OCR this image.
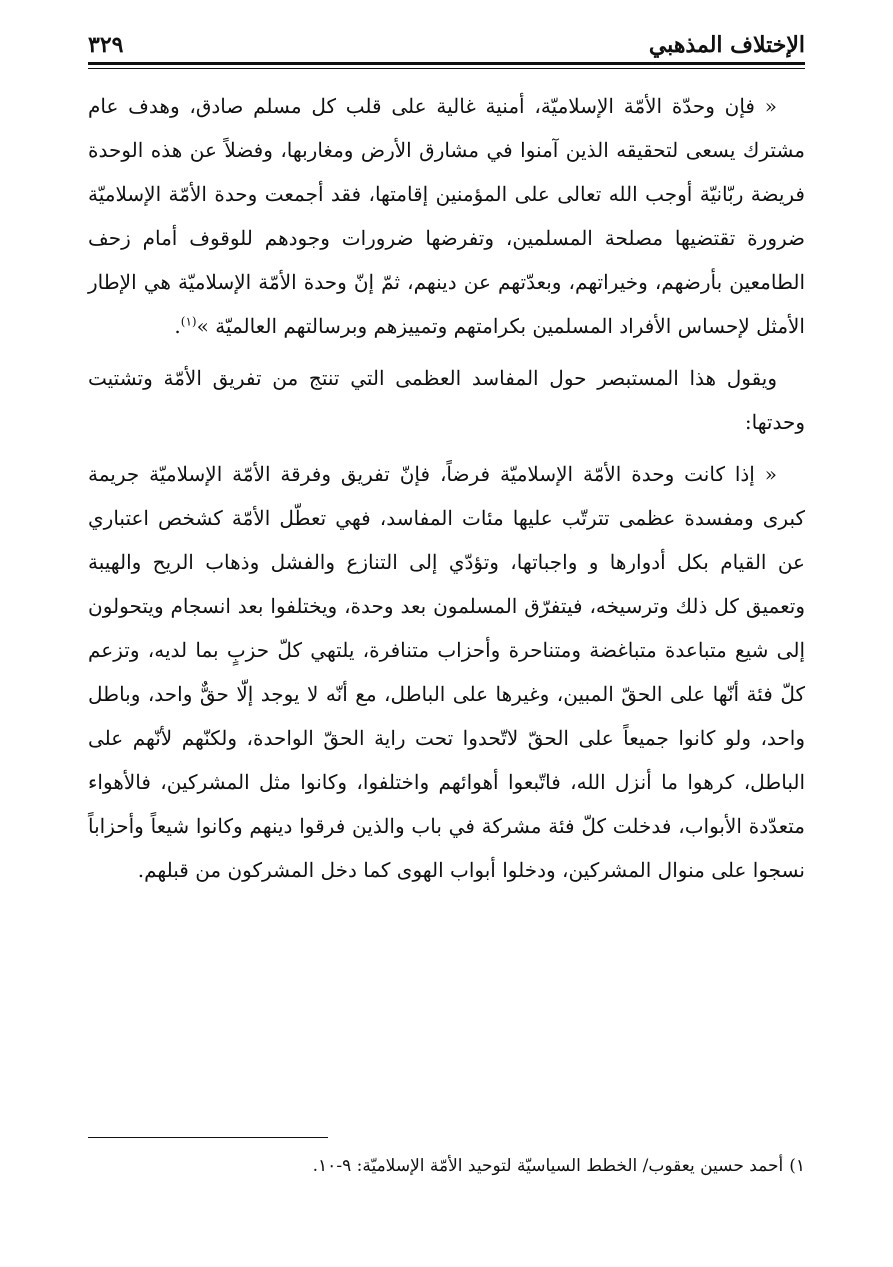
الإختلاف المذهبي
٣٢٩

« فإن وحدّة الأمّة الإسلاميّة، أمنية غالية على قلب كل مسلم صادق، وهدف عام مشترك يسعى لتحقيقه الذين آمنوا في مشارق الأرض ومغاربها، وفضلاً عن هذه الوحدة فريضة ربّانيّة أوجب الله تعالى على المؤمنين إقامتها، فقد أجمعت وحدة الأمّة الإسلاميّة ضرورة تقتضيها مصلحة المسلمين، وتفرضها ضرورات وجودهم للوقوف أمام زحف الطامعين بأرضهم، وخيراتهم، وبعدّتهم عن دينهم، ثمّ إنّ وحدة الأمّة الإسلاميّة هي الإطار الأمثل لإحساس الأفراد المسلمين بكرامتهم وتمييزهم وبرسالتهم العالميّة »$^{(١)}$.

ويقول هذا المستبصر حول المفاسد العظمى التي تنتج من تفريق الأمّة وتشتيت وحدتها:

« إذا كانت وحدة الأمّة الإسلاميّة فرضاً، فإنّ تفريق وفرقة الأمّة الإسلاميّة جريمة كبرى ومفسدة عظمى تترتّب عليها مئات المفاسد، فهي تعطّل الأمّة كشخص اعتباري عن القيام بكل أدوارها و واجباتها، وتؤدّي إلى التنازع والفشل وذهاب الريح والهيبة وتعميق كل ذلك وترسيخه، فيتفرّق المسلمون بعد وحدة، ويختلفوا بعد انسجام ويتحولون إلى شيع متباعدة متباغضة ومتناحرة وأحزاب متنافرة، يلتهي كلّ حزبٍ بما لديه، وتزعم كلّ فئة أنّها على الحقّ المبين، وغيرها على الباطل، مع أنّه لا يوجد إلّا حقٌّ واحد، وباطل واحد، ولو كانوا جميعاً على الحقّ لاتّحدوا تحت راية الحقّ الواحدة، ولكنّهم لأنّهم على الباطل، كرهوا ما أنزل الله، فاتّبعوا أهوائهم واختلفوا، وكانوا مثل المشركين، فالأهواء متعدّدة الأبواب، فدخلت كلّ فئة مشركة في باب والذين فرقوا دينهم وكانوا شيعاً وأحزاباً نسجوا على منوال المشركين، ودخلوا أبواب الهوى كما دخل المشركون من قبلهم.

١)أحمد حسين يعقوب/ الخطط السياسيّة لتوحيد الأمّة الإسلاميّة: ٩-١٠.
